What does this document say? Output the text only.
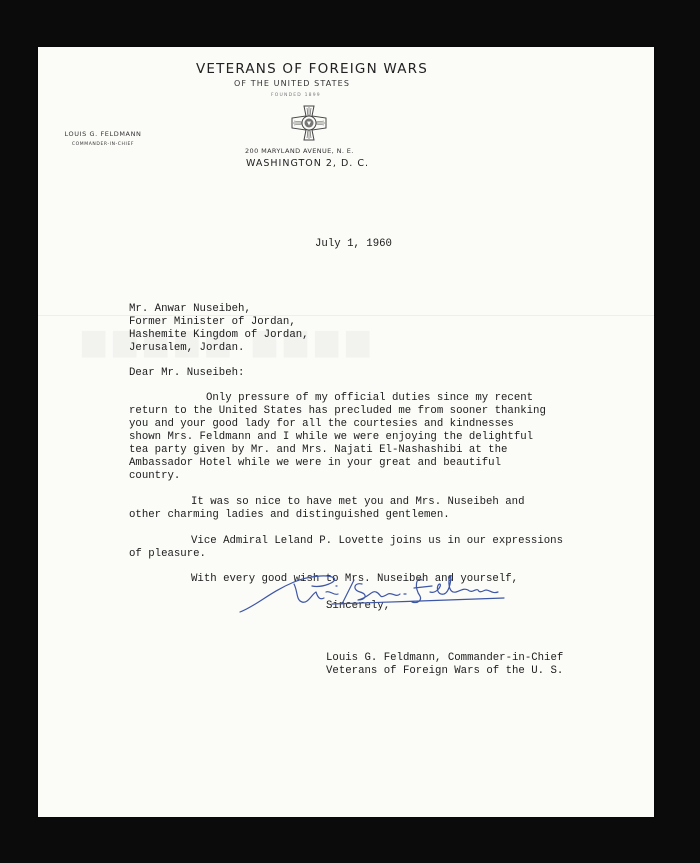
VETERANS OF FOREIGN WARS
OF THE UNITED STATES
FOUNDED 1899
LOUIS G. FELDMANN
COMMANDER-IN-CHIEF
200 MARYLAND AVENUE, N. E.
WASHINGTON 2, D. C.
July 1, 1960
Mr. Anwar Nuseibeh,
Former Minister of Jordan,
Hashemite Kingdom of Jordan,
Jerusalem, Jordan.
Dear Mr. Nuseibeh:
Only pressure of my official duties since my recent
return to the United States has precluded me from sooner thanking
you and your good lady for all the courtesies and kindnesses
shown Mrs. Feldmann and I while we were enjoying the delightful
tea party given by Mr. and Mrs. Najati El-Nashashibi at the
Ambassador Hotel while we were in your great and beautiful
country.
It was so nice to have met you and Mrs. Nuseibeh and
other charming ladies and distinguished gentlemen.
Vice Admiral Leland P. Lovette joins us in our expressions
of pleasure.
With every good wish to Mrs. Nuseibeh and yourself,
Sincerely,
Louis G. Feldmann, Commander-in-Chief
Veterans of Foreign Wars of the U. S.
